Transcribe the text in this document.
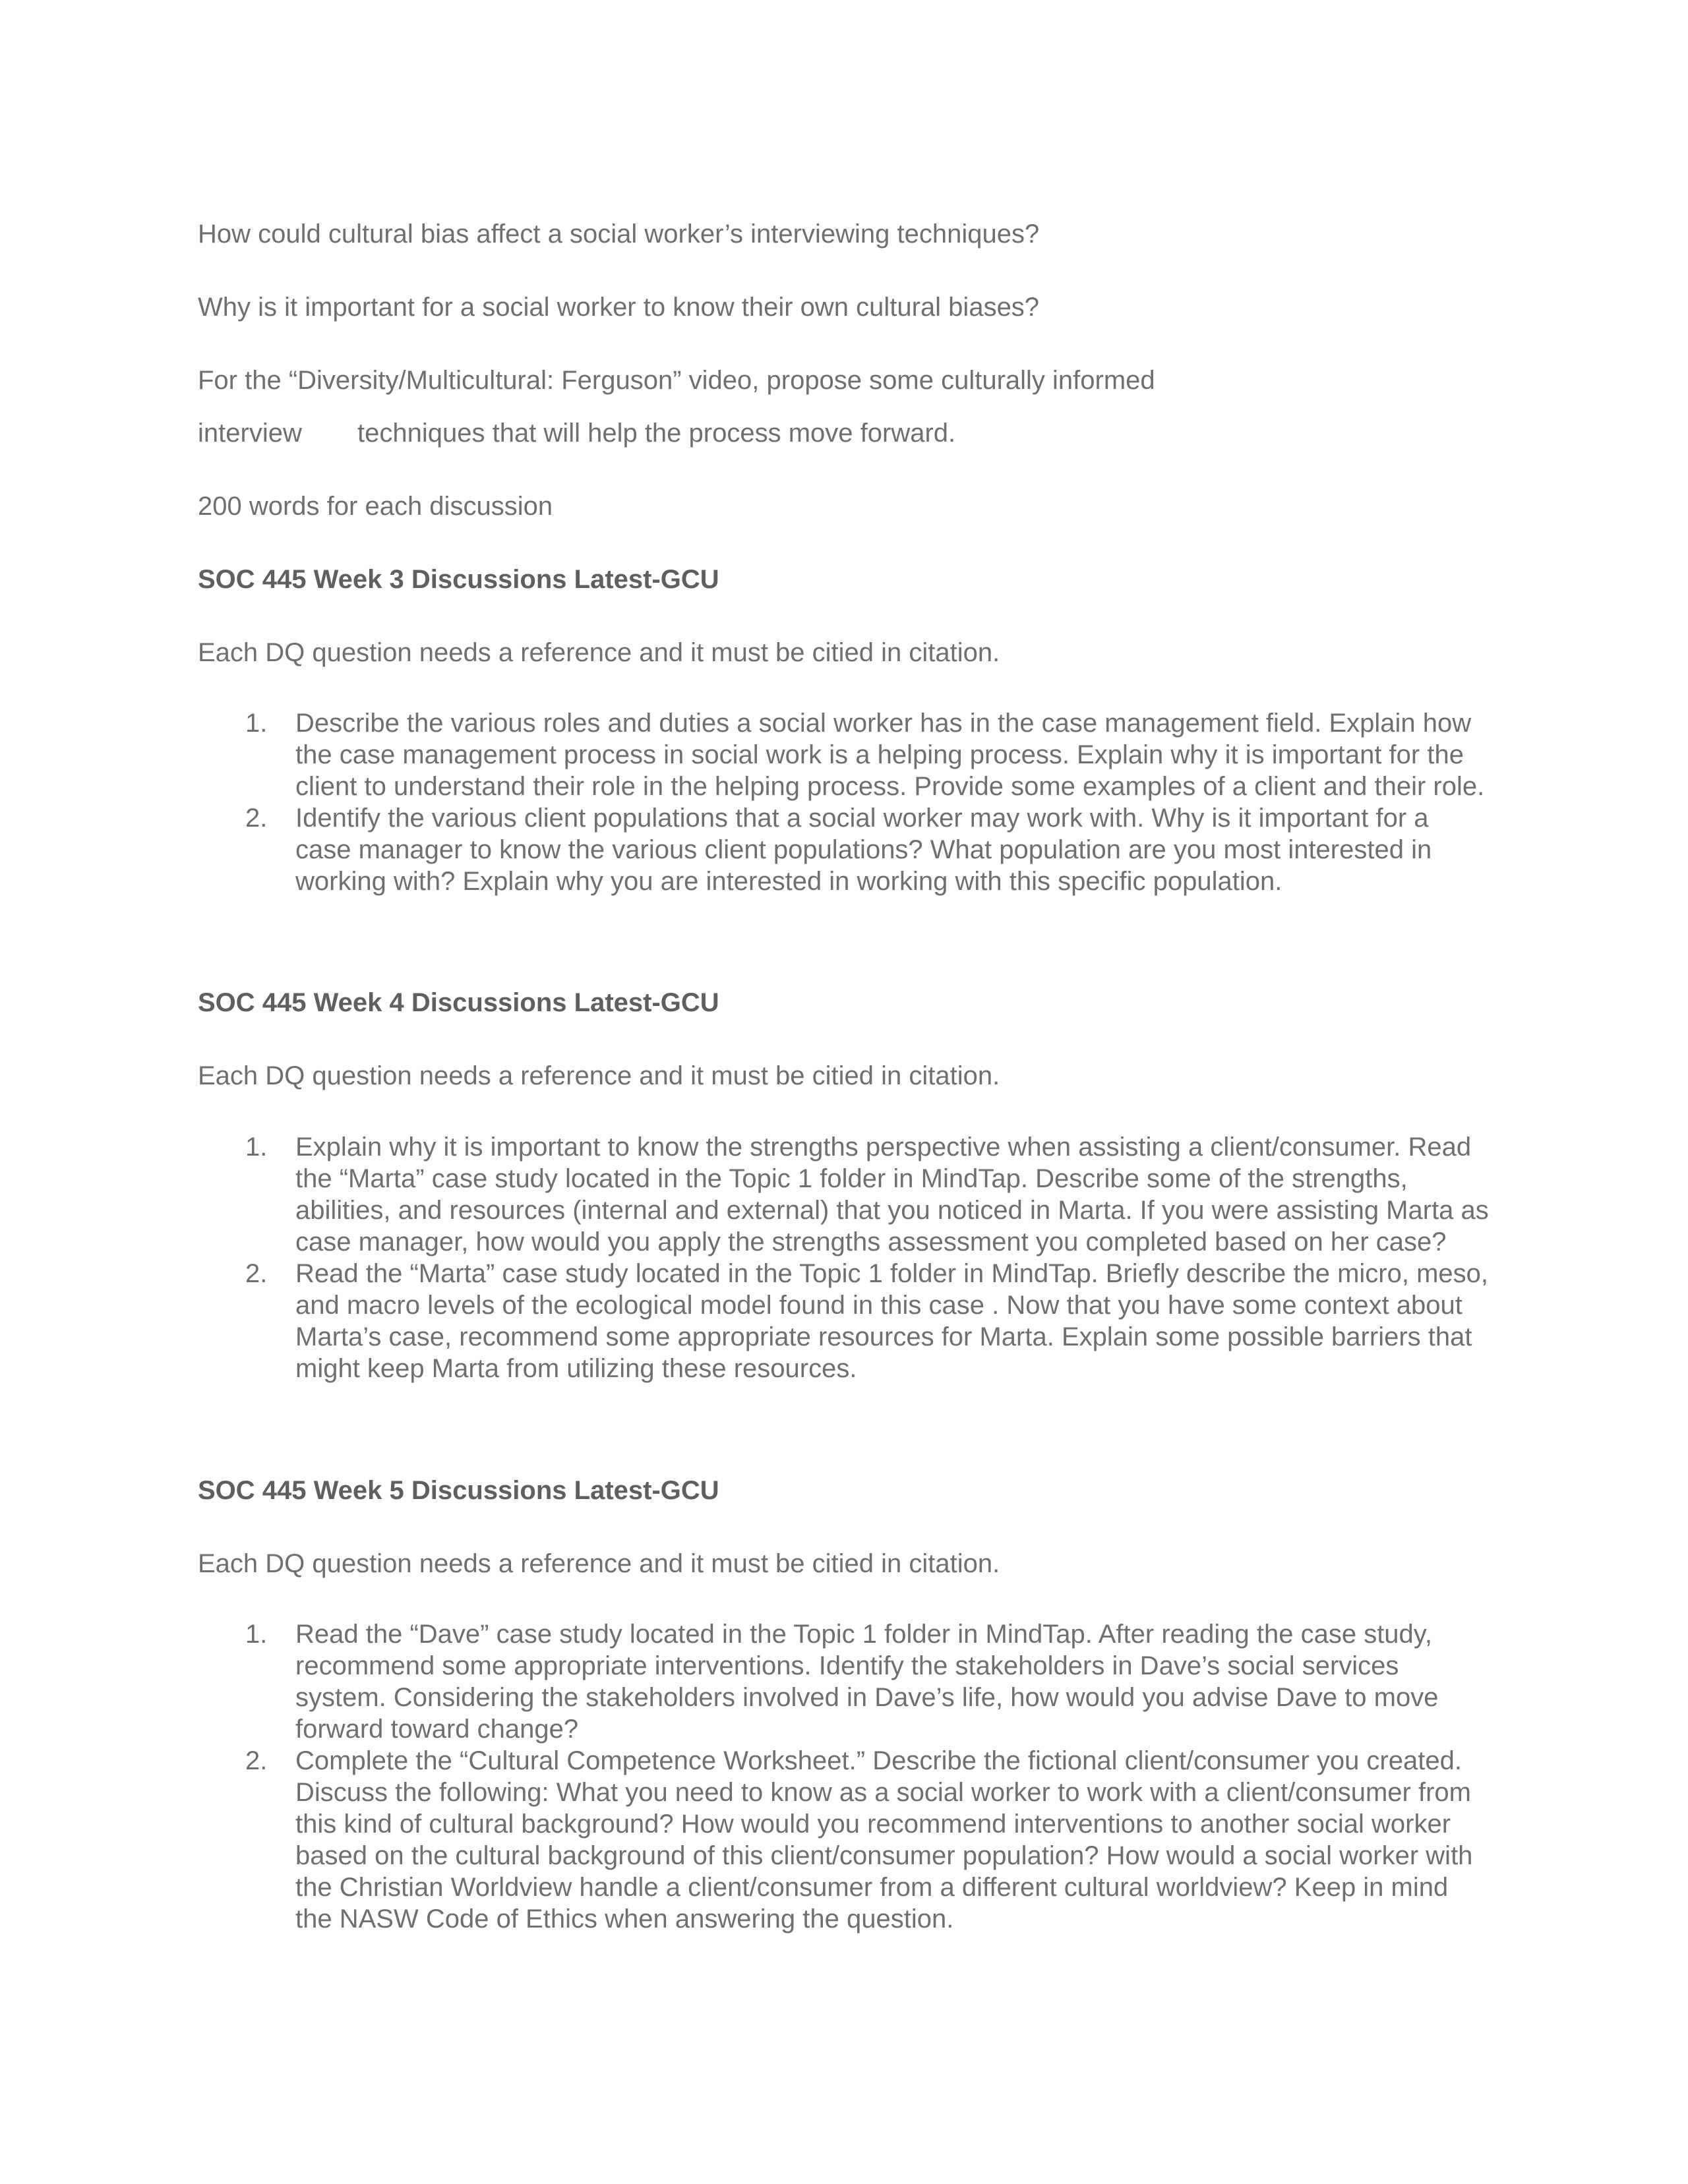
How could cultural bias affect a social worker’s interviewing techniques?
Why is it important for a social worker to know their own cultural biases?
For the “Diversity/Multicultural: Ferguson” video, propose some culturally informed
interview techniques that will help the process move forward.
200 words for each discussion
SOC 445 Week 3 Discussions Latest-GCU
Each DQ question needs a reference and it must be citied in citation.
1. Describe the various roles and duties a social worker has in the case management field. Explain how the case management process in social work is a helping process. Explain why it is important for the client to understand their role in the helping process. Provide some examples of a client and their role.
2. Identify the various client populations that a social worker may work with. Why is it important for a case manager to know the various client populations? What population are you most interested in working with? Explain why you are interested in working with this specific population.
SOC 445 Week 4 Discussions Latest-GCU
Each DQ question needs a reference and it must be citied in citation.
1. Explain why it is important to know the strengths perspective when assisting a client/consumer. Read the “Marta” case study located in the Topic 1 folder in MindTap. Describe some of the strengths, abilities, and resources (internal and external) that you noticed in Marta. If you were assisting Marta as case manager, how would you apply the strengths assessment you completed based on her case?
2. Read the “Marta” case study located in the Topic 1 folder in MindTap. Briefly describe the micro, meso, and macro levels of the ecological model found in this case . Now that you have some context about Marta’s case, recommend some appropriate resources for Marta. Explain some possible barriers that might keep Marta from utilizing these resources.
SOC 445 Week 5 Discussions Latest-GCU
Each DQ question needs a reference and it must be citied in citation.
1. Read the “Dave” case study located in the Topic 1 folder in MindTap. After reading the case study, recommend some appropriate interventions. Identify the stakeholders in Dave’s social services system. Considering the stakeholders involved in Dave’s life, how would you advise Dave to move forward toward change?
2. Complete the “Cultural Competence Worksheet.” Describe the fictional client/consumer you created. Discuss the following: What you need to know as a social worker to work with a client/consumer from this kind of cultural background? How would you recommend interventions to another social worker based on the cultural background of this client/consumer population? How would a social worker with the Christian Worldview handle a client/consumer from a different cultural worldview? Keep in mind the NASW Code of Ethics when answering the question.
